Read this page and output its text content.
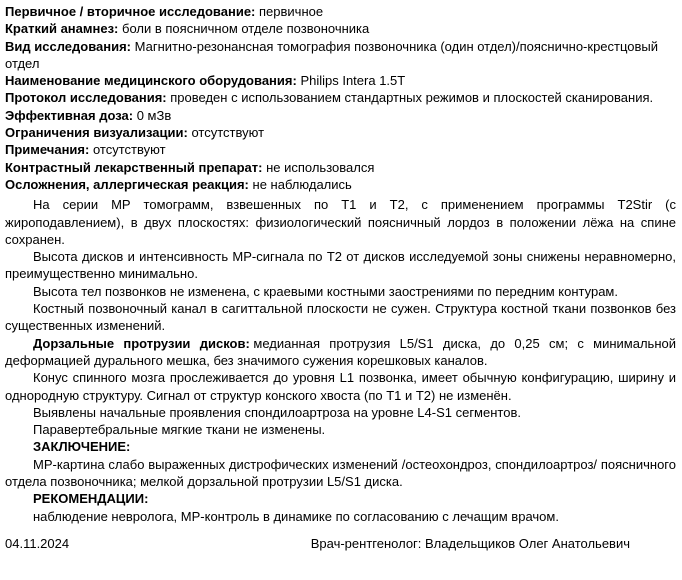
Первичное / вторичное исследование: первичное
Краткий анамнез: боли в поясничном отделе позвоночника
Вид исследования: Магнитно-резонансная томография позвоночника (один отдел)/пояснично-крестцовый отдел
Наименование медицинского оборудования: Philips Intera 1.5T
Протокол исследования: проведен с использованием стандартных режимов и плоскостей сканирования.
Эффективная доза: 0 мЗв
Ограничения визуализации: отсутствуют
Примечания: отсутствуют
Контрастный лекарственный препарат: не использовался
Осложнения, аллергическая реакция: не наблюдались
На серии МР томограмм, взвешенных по Т1 и Т2, с применением программы T2Stir (с жироподавлением), в двух плоскостях: физиологический поясничный лордоз в положении лёжа на спине сохранен.
Высота дисков и интенсивность МР-сигнала по Т2 от дисков исследуемой зоны снижены неравномерно, преимущественно минимально.
Высота тел позвонков не изменена, с краевыми костными заострениями по передним контурам.
Костный позвоночный канал в сагиттальной плоскости не сужен. Структура костной ткани позвонков без существенных изменений.
Дорзальные протрузии дисков: медианная протрузия L5/S1 диска, до 0,25 см; с минимальной деформацией дурального мешка, без значимого сужения корешковых каналов.
Конус спинного мозга прослеживается до уровня L1 позвонка, имеет обычную конфигурацию, ширину и однородную структуру. Сигнал от структур конского хвоста (по Т1 и Т2) не изменён.
Выявлены начальные проявления спондилоартроза на уровне L4-S1 сегментов.
Паравертебральные мягкие ткани не изменены.
ЗАКЛЮЧЕНИЕ:
МР-картина слабо выраженных дистрофических изменений /остеохондроз, спондилоартроз/ поясничного отдела позвоночника; мелкой дорзальной протрузии L5/S1 диска.
РЕКОМЕНДАЦИИ:
наблюдение невролога, МР-контроль в динамике по согласованию с лечащим врачом.
04.11.2024	Врач-рентгенолог: Владельщиков Олег Анатольевич
